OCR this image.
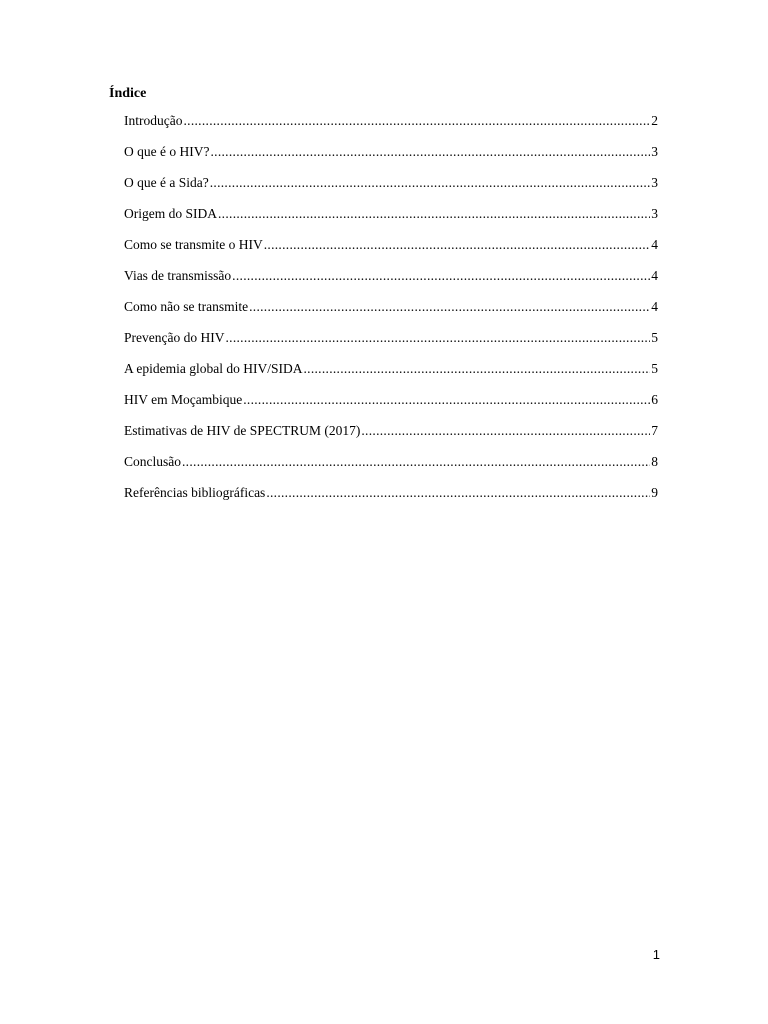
Índice
Introdução .....	2
O que é o HIV? .....	3
O que é a Sida? .....	3
Origem do SIDA .....	3
Como se transmite o HIV .....	4
Vias de transmissão .....	4
Como não se transmite .....	4
Prevenção do HIV .....	5
A epidemia global do HIV/SIDA .....	5
HIV em Moçambique .....	6
Estimativas de HIV de SPECTRUM (2017) .....	7
Conclusão .....	8
Referências bibliográficas .....	9
1
